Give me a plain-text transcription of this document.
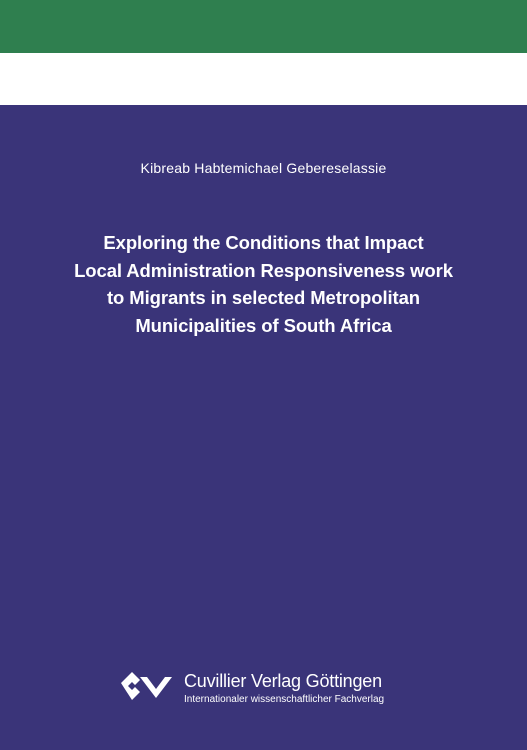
Kibreab Habtemichael Gebereselassie
Exploring the Conditions that Impact
Local Administration Responsiveness work
to Migrants in selected Metropolitan
Municipalities of South Africa
Cuvillier Verlag Göttingen
Internationaler wissenschaftlicher Fachverlag
